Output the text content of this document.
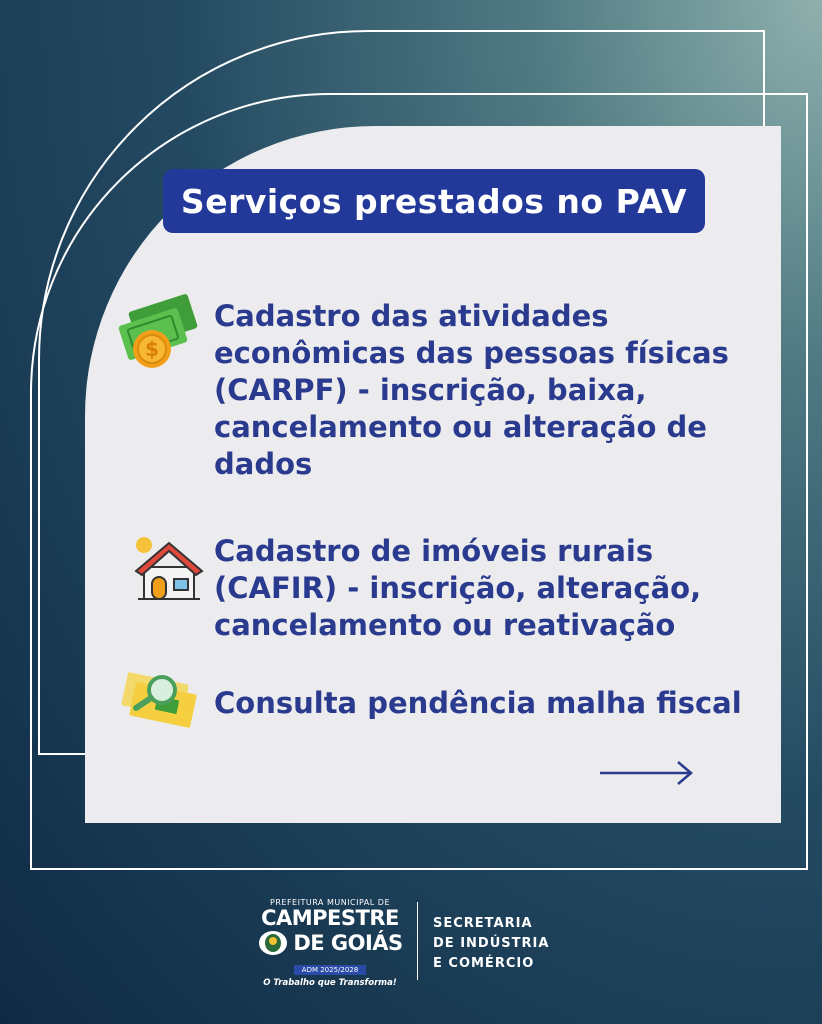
Serviços prestados no PAV
$
Cadastro das atividades
econômicas das pessoas físicas
(CARPF) - inscrição, baixa,
cancelamento ou alteração de
dados
Cadastro de imóveis rurais
(CAFIR) - inscrição, alteração,
cancelamento ou reativação
Consulta pendência malha fiscal
PREFEITURA MUNICIPAL DE
CAMPESTRE
DE GOIÁS
ADM 2025/2028
O Trabalho que Transforma!
SECRETARIA
DE INDÚSTRIA
E COMÉRCIO
